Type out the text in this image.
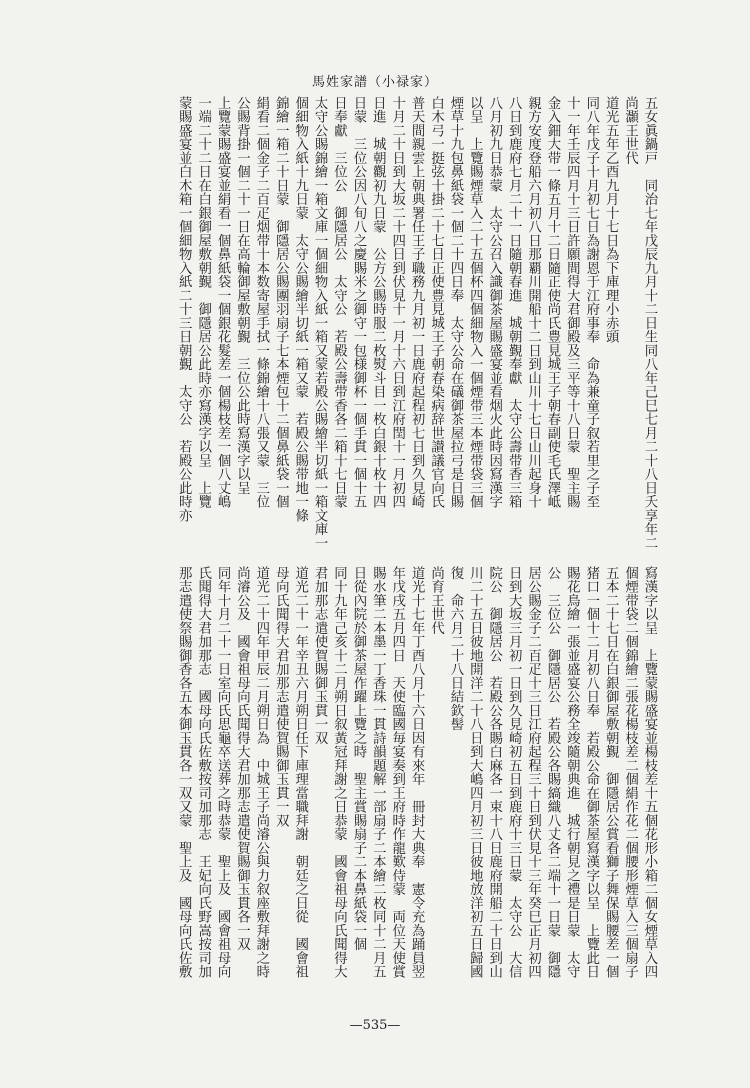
馬姓家譜（小禄家）
五女眞鍋戸　同治七年戊辰九月十二日生同八年己巳七月二十八日夭享年二
尚灝王世代
道光五年乙酉九月十七日為下庫理小赤頭
同八年戊子十月初七日為謝恩于江府事奉　命為兼童子叙若里之子至
十一年壬辰四月十三日許願間得大君御殿及三平等十八日蒙　聖主賜
金入鈿大带一條五月十二日隨正使尚氏豊見城王子朝春副使毛氏澤岻
親方安度登船六月初八日那覇川開船十二日到山川十七日山川起身十
八日到鹿府七月二十一日隨朝春進　城朝覲奉獻　太守公壽带香三箱
八月初九日恭蒙　太守公召入識御茶屋賜盛宴並看烟火此時因寫漢字
以呈　上覽賜煙草入二十五個杯四個細物入一個煙带三本煙带袋三個
煙草十九包鼻紙袋一個二十四日奉　太守公命在礒御茶屋拉弓是日賜
白木弓一挺弦十掛二十七日正使豊見城王子朝春染病辞世讃議官向氏
普天間親雲上朝典署任王子職務九月初一日鹿府起程初七日到久見崎
十月二十日到大坂二十四日到伏見十一月十六日到江府閏十一月初四
日進　城朝觀初九日蒙　公方公賜時服二枚熨斗目一枚白銀十枚十四
日蒙　三位公因八旬八之慶賜米之御守一包様御杯一個手貫一個十五
日奉獻　三位公　御隱居公　太守公　若殿公壽带香各二箱十七日蒙
太守公賜錦繪一箱文庫一個細物入紙一箱又蒙若殿公賜繪半切紙一箱文庫一
個細物入紙十九日蒙　太守公賜繪半切紙一箱又蒙　若殿公賜带地一條
錦繪一箱二十日蒙　御隱居公賜團羽扇子七本煙包十二個鼻紙袋一個
絹看二個金子二百疋烟带十本数寄屋手拭一條錦繪十八張又蒙　三位
公賜背掛一個二十一日在高輪御屋敷朝覲　三位公此時寫漢字以呈
上覽蒙賜盛宴並絹看一個鼻紙袋一個銀花髮差一個楊枝差一個八丈嶋
一端二十二日在白銀御屋敷朝覲　御隱居公此時亦寫漢字以呈　上覽
蒙賜盛宴並白木箱一個細物入紙二十三日朝覲　太守公　若殿公此時亦
寫漢字以呈　上覽蒙賜盛宴並楊枝差十五個花形小箱二個女煙草入四
個煙带袋二個錦繪二張花楊枝差二個絹作花二個腰形煙草入三個扇子
五本二十七日在白銀御屋敷朝覲　御隱居公賞看獅子舞保賜腰差一個
猪口一個十二月初八日奉　若殿公命在御茶屋寫漢字以呈　上覽此日
賜花鳥繪一張並盛宴公務全竣隨朝典進　城行朝見之禮是日蒙　太守
公　三位公　御隱居公　若殿公各賜縞織八丈各二端十一日蒙　御隱
居公賜金子二百疋十三日江府起程三十日到伏見十三年癸巳正月初四
日到大坂三月初一日到久見崎初五日到鹿府十三日蒙　太守公　大信
院公　御隱居公　若殿公各賜白麻各一束十八日鹿府開船二十日到山
川二十五日彼地開洋二十八日到大嶋四月初三日彼地放洋初五日歸國
復　命六月二十八日結欽髻
尚育王世代
道光十七年丁酉八月十六日因有來年　冊封大典奉　憲令充為踊員翌
年戊戌五月四日　天使臨國毎宴奏到王府時作龍歎侍蒙　両位天使賞
賜水筆二本墨一丁香珠一貫詩韻題解一部扇子二本繪二枚同十二月五
日從內院於御茶屋作躍上覽之時　聖主賞賜扇子二本鼻紙袋一個
同十九年己亥十二月朔日叙黃冠拜謝之日恭蒙　國會祖母向氏聞得大
君加那志遣使賀賜御玉貫一双
道光二十一年辛丑六月朔日任下庫理當職拜謝　朝廷之日從　國會祖
母向氏聞得大君加那志遣使賀賜御玉貫一双
道光二十四年甲辰二月朔日為　中城王子尚濬公與力叙座敷拜謝之時
尚濬公及　國會祖母向氏聞得大君加那志遣使賀賜御玉貫各一双
同年十月二十一日室向氏思龜卒送葬之時恭蒙　聖上及　國會祖母向
氏聞得大君加那志　國母向氏佐敷按司加那志　王妃向氏野嵩按司加
那志遣使祭賜御香各五本御玉貫各一双又蒙　聖上及　國母向氏佐敷
—535—
